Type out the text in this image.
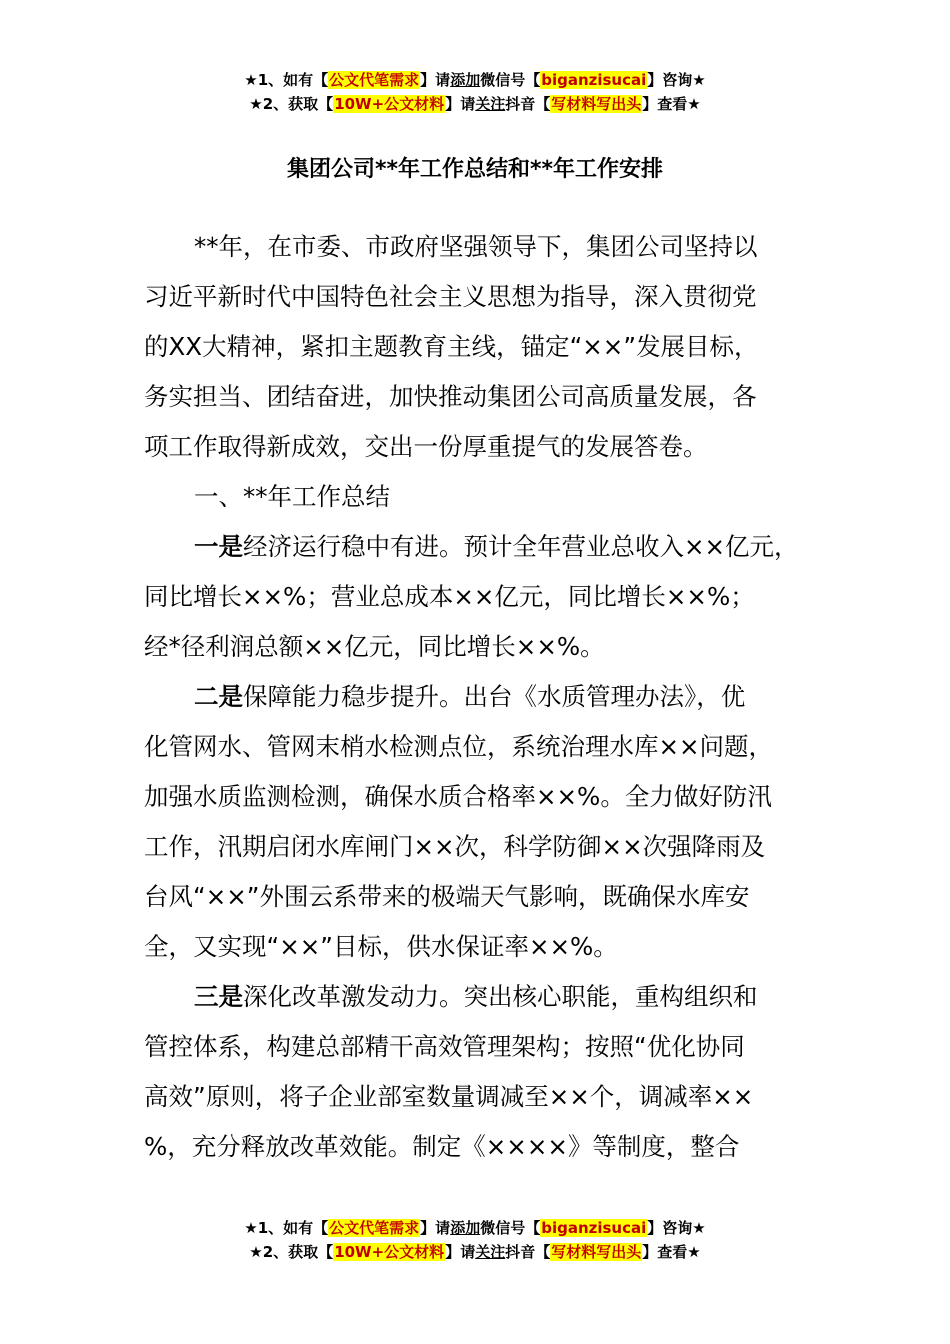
★1、如有【公文代笔需求】请添加微信号【biganzisucai】咨询★
★2、获取【10W+公文材料】请关注抖音【写材料写出头】查看★
集团公司**年工作总结和**年工作安排
**年，在市委、市政府坚强领导下，集团公司坚持以
习近平新时代中国特色社会主义思想为指导，深入贯彻党
的XX大精神，紧扣主题教育主线，锚定“××”发展目标，
务实担当、团结奋进，加快推动集团公司高质量发展，各
项工作取得新成效，交出一份厚重提气的发展答卷。
一、**年工作总结
一是经济运行稳中有进。预计全年营业总收入××亿元，
同比增长××%；营业总成本××亿元，同比增长××%；
经*径利润总额××亿元，同比增长××%。
二是保障能力稳步提升。出台《水质管理办法》，优
化管网水、管网末梢水检测点位，系统治理水库××问题，
加强水质监测检测，确保水质合格率××%。全力做好防汛
工作，汛期启闭水库闸门××次，科学防御××次强降雨及
台风“××”外围云系带来的极端天气影响，既确保水库安
全，又实现“××”目标，供水保证率××%。
三是深化改革激发动力。突出核心职能，重构组织和
管控体系，构建总部精干高效管理架构；按照“优化协同
高效”原则，将子企业部室数量调减至××个，调减率××
%，充分释放改革效能。制定《××××》等制度，整合
★1、如有【公文代笔需求】请添加微信号【biganzisucai】咨询★
★2、获取【10W+公文材料】请关注抖音【写材料写出头】查看★
